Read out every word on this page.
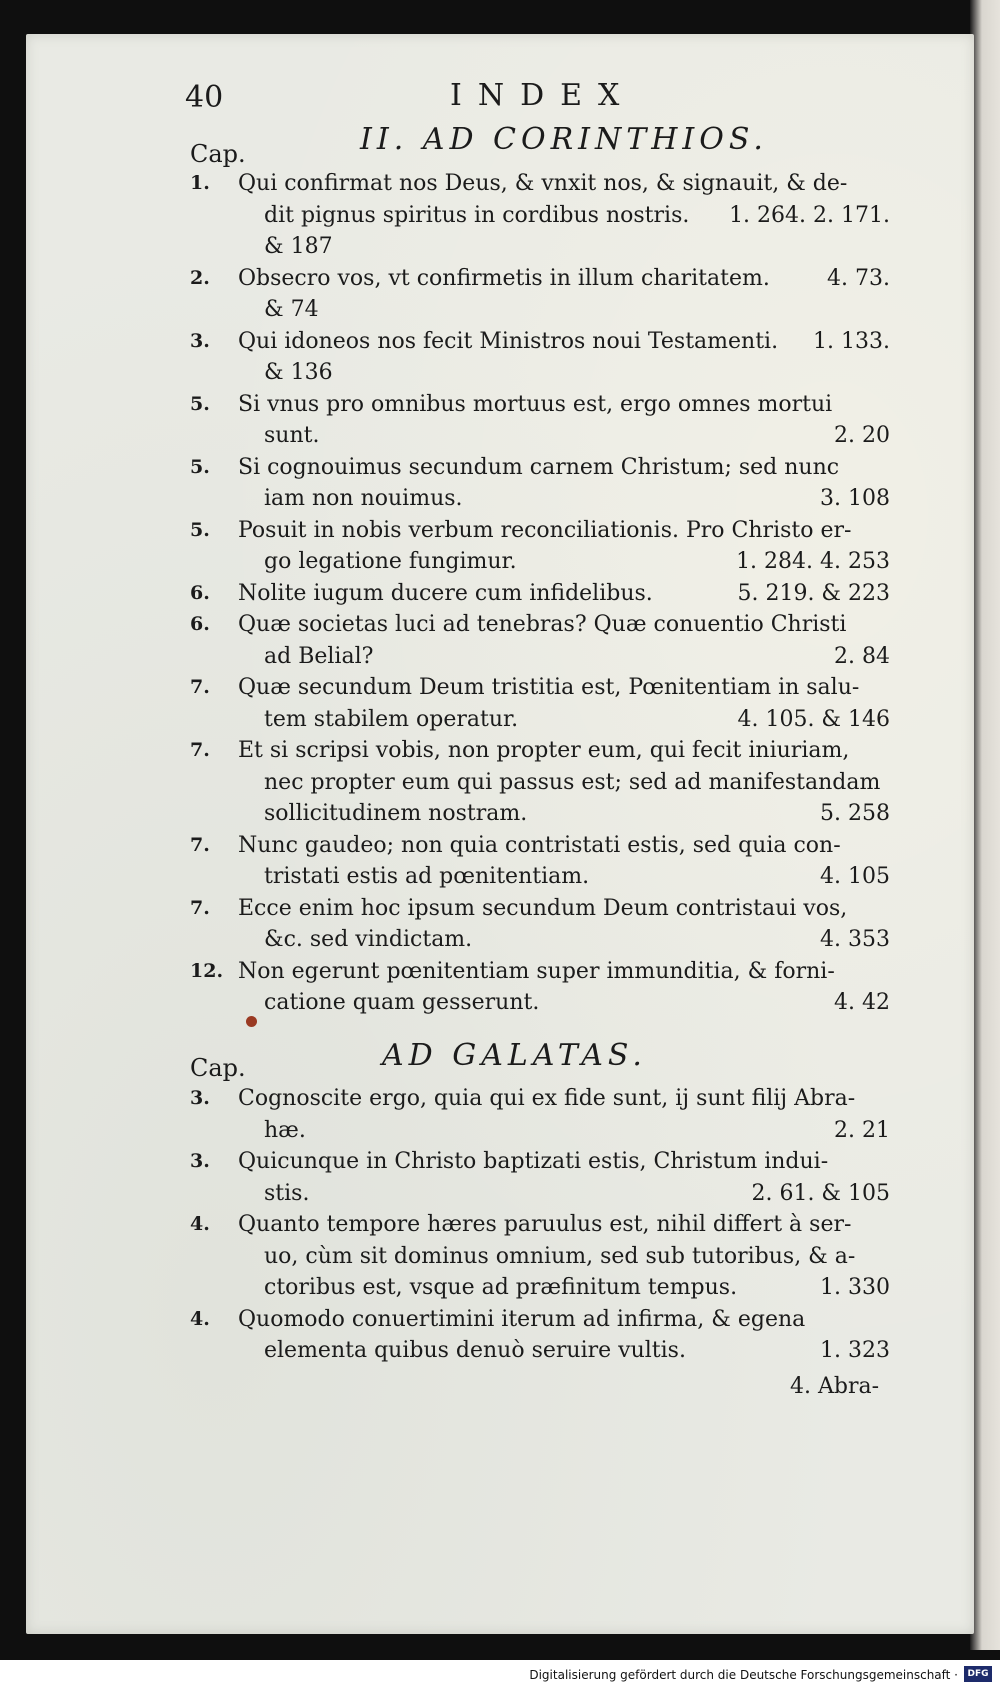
40	INDEX
Cap.	II. AD CORINTHIOS.
1.	Qui confirmat nos Deus, & vnxit nos, & signauit, & de-
dit pignus spiritus in cordibus nostris.	1. 264. 2. 171.
& 187
2.	Obsecro vos, vt confirmetis in illum charitatem.	4. 73.
& 74
3.	Qui idoneos nos fecit Ministros noui Testamenti.	1. 133.
& 136
5.	Si vnus pro omnibus mortuus est, ergo omnes mortui
sunt.	2. 20
5.	Si cognouimus secundum carnem Christum; sed nunc
iam non nouimus.	3. 108
5.	Posuit in nobis verbum reconciliationis. Pro Christo er-
go legatione fungimur.	1. 284. 4. 253
6.	Nolite iugum ducere cum infidelibus.	5. 219. & 223
6.	Quæ societas luci ad tenebras? Quæ conuentio Christi
ad Belial?	2. 84
7.	Quæ secundum Deum tristitia est, Pœnitentiam in salu-
tem stabilem operatur.	4. 105. & 146
7.	Et si scripsi vobis, non propter eum, qui fecit iniuriam,
nec propter eum qui passus est; sed ad manifestandam
sollicitudinem nostram.	5. 258
7.	Nunc gaudeo; non quia contristati estis, sed quia con-
tristati estis ad pœnitentiam.	4. 105
7.	Ecce enim hoc ipsum secundum Deum contristaui vos,
&c. sed vindictam.	4. 353
12. Non egerunt pœnitentiam super immunditia, & forni-
catione quam gesserunt.	4. 42
Cap.	AD GALATAS.
3.	Cognoscite ergo, quia qui ex fide sunt, ij sunt filij Abra-
hæ.	2. 21
3.	Quicunque in Christo baptizati estis, Christum indui-
stis.	2. 61. & 105
4.	Quanto tempore hæres paruulus est, nihil differt à ser-
uo, cùm sit dominus omnium, sed sub tutoribus, & a-
ctoribus est, vsque ad præfinitum tempus.	1. 330
4.	Quomodo conuertimini iterum ad infirma, & egena
elementa quibus denuò seruire vultis.	1. 323
4. Abra-
Digitalisierung gefördert durch die Deutsche Forschungsgemeinschaft ·	DFG
